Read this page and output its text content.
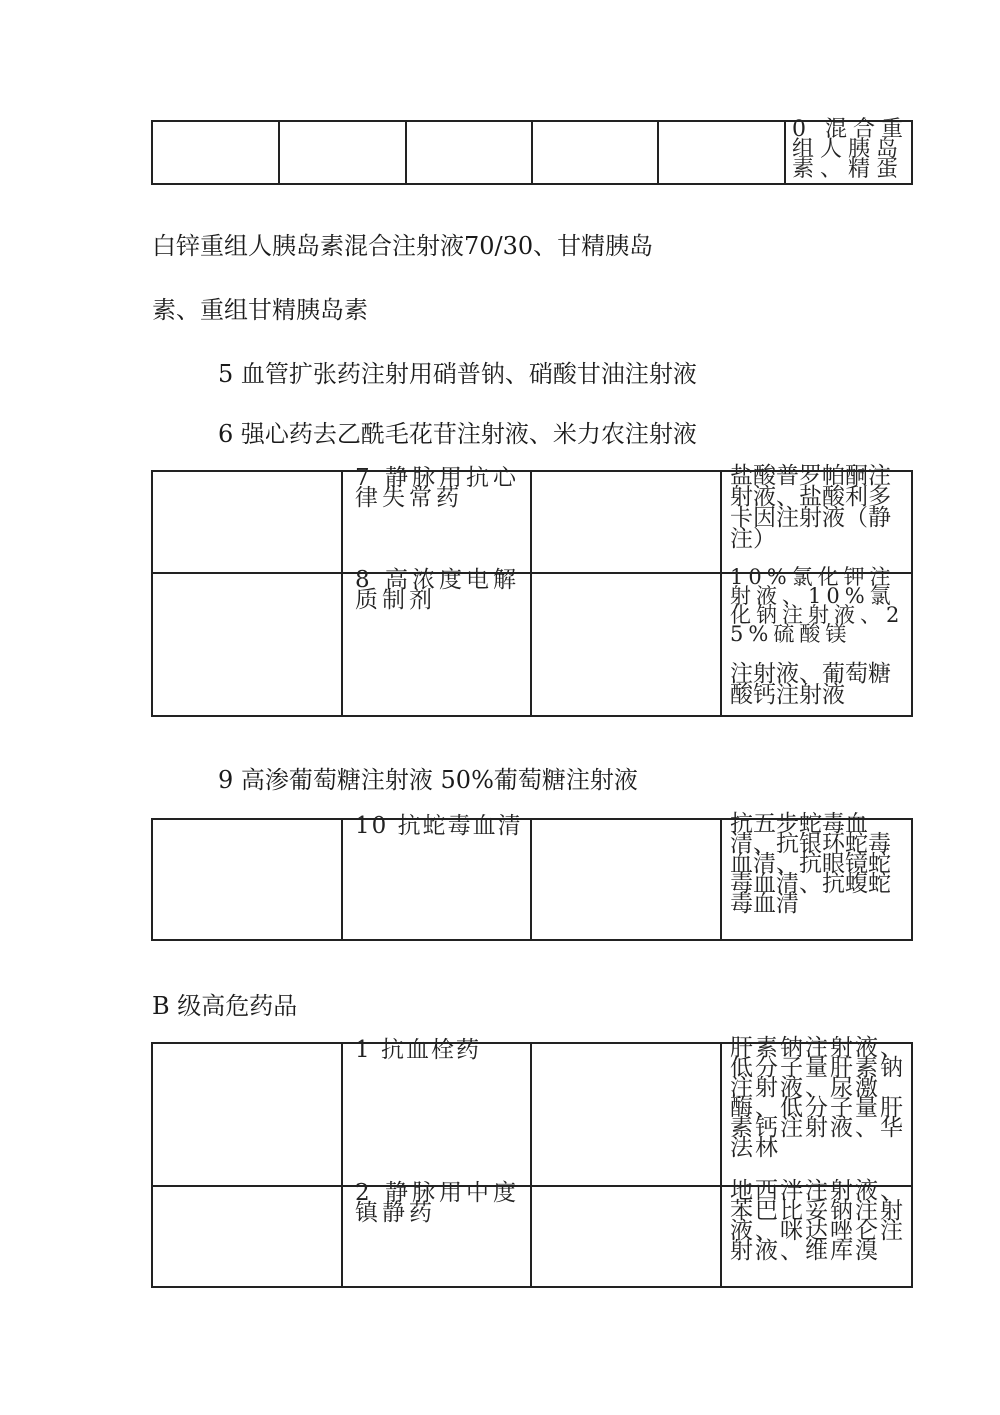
0 混合重组人胰岛素、精蛋
白锌重组人胰岛素混合注射液70/30、甘精胰岛
素、重组甘精胰岛素
5 血管扩张药注射用硝普钠、硝酸甘油注射液
6 强心药去乙酰毛花苷注射液、米力农注射液

	7 静脉用抗心律失常药		盐酸普罗帕酮注射液、盐酸利多卡因注射液（静注）

	8 高浓度电解质制剂		10%氯化钾注射液、10%氯化钠注射液、25%硫酸镁
注射液、葡萄糖酸钙注射液
9 高渗葡萄糖注射液 50%葡萄糖注射液

10 抗蛇毒血清		抗五步蛇毒血清、抗银环蛇毒血清、抗眼镜蛇毒血清、抗蝮蛇毒血清
B 级高危药品

	1 抗血栓药		肝素钠注射液、低分子量肝素钠注射液、尿激酶、低分子量肝素钙注射液、华法林

	2 静脉用中度镇静药		地西泮注射液、苯巴比妥钠注射液、咪达唑仑注射液、维库溴
